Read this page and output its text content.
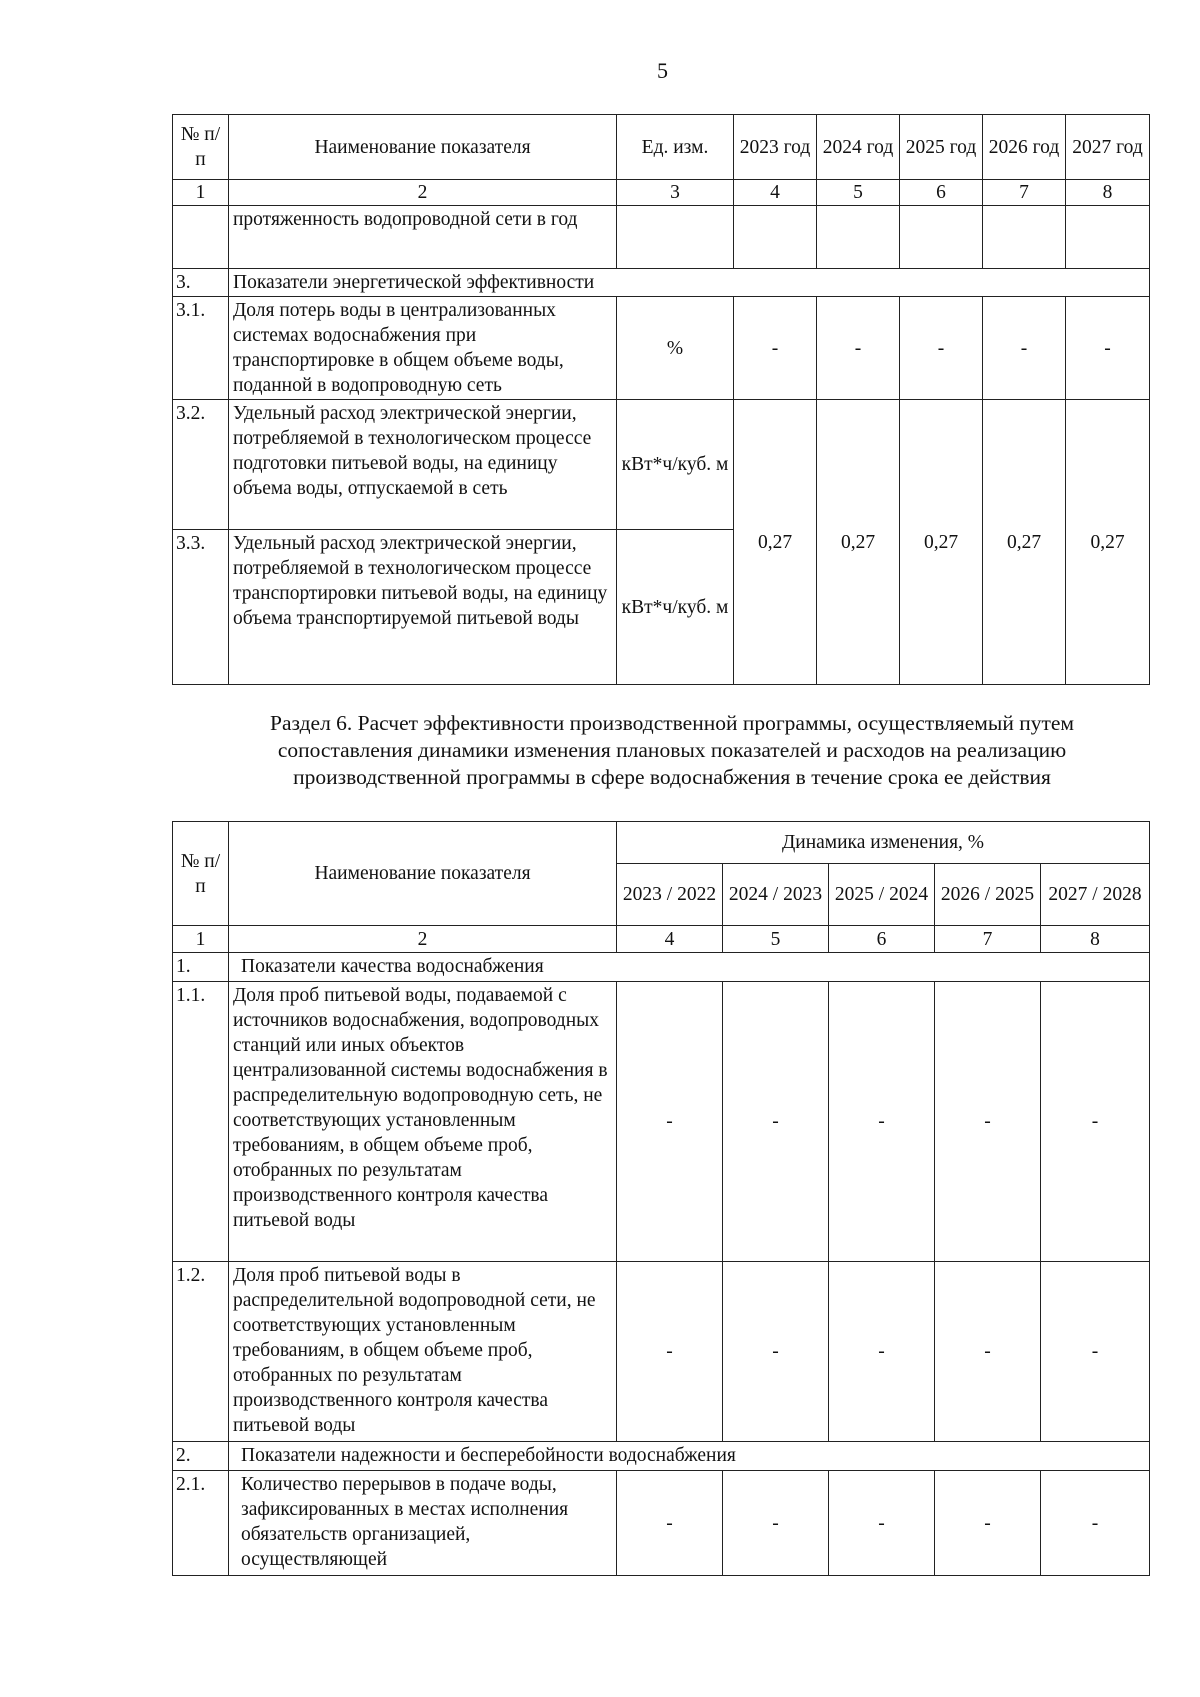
5
№ п/п	Наименование показателя	Ед. изм.	2023 год	2024 год	2025 год	2026 год	2027 год
1	2	3	4	5	6	7	8
	протяженность водопроводной сети в год						
3.	Показатели энергетической эффективности						
3.1.	Доля потерь воды в централизованных системах водоснабжения при транспортировке в общем объеме воды, поданной в водопроводную сеть	%	-	-	-	-	-
3.2.	Удельный расход электрической энергии, потребляемой в технологическом процессе подготовки питьевой воды, на единицу объема воды, отпускаемой в сеть	кВт*ч/куб. м	0,27	0,27	0,27	0,27	0,27
3.3.	Удельный расход электрической энергии, потребляемой в технологическом процессе транспортировки питьевой воды, на единицу объема транспортируемой питьевой воды	кВт*ч/куб. м					
Раздел 6. Расчет эффективности производственной программы, осуществляемый путем
сопоставления динамики изменения плановых показателей и расходов на реализацию
производственной программы в сфере водоснабжения в течение срока ее действия
№ п/п	Наименование показателя	Динамика изменения, %				
		2023 / 2022	2024 / 2023	2025 / 2024	2026 / 2025	2027 / 2028
1	2	4	5	6	7	8
1.	Показатели качества водоснабжения					
1.1.	Доля проб питьевой воды, подаваемой с источников водоснабжения, водопроводных станций или иных объектов централизованной системы водоснабжения в распределительную водопроводную сеть, не соответствующих установленным требованиям, в общем объеме проб, отобранных по результатам производственного контроля качества питьевой воды	-	-	-	-	-
1.2.	Доля проб питьевой воды в распределительной водопроводной сети, не соответствующих установленным требованиям, в общем объеме проб, отобранных по результатам производственного контроля качества питьевой воды	-	-	-	-	-
2.	Показатели надежности и бесперебойности водоснабжения					
2.1.	Количество перерывов в подаче воды, зафиксированных в местах исполнения обязательств организацией, осуществляющей	-	-	-	-	-
